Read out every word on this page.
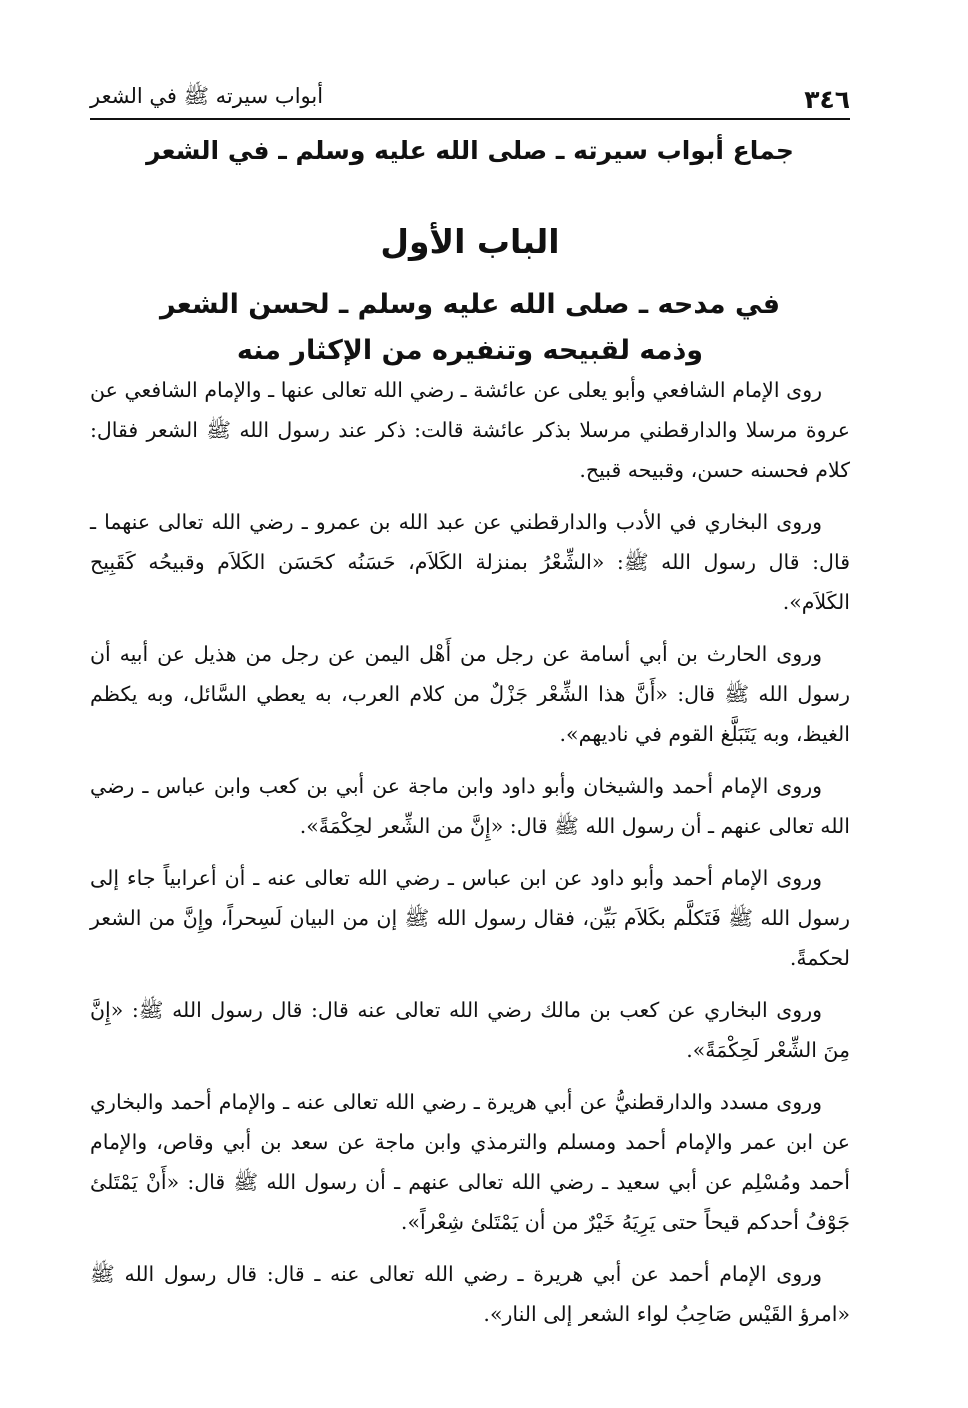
٣٤٦
أبواب سيرته ﷺ في الشعر
جماع أبواب سيرته ـ صلى الله عليه وسلم ـ في الشعر
الباب الأول
في مدحه ـ صلى الله عليه وسلم ـ لحسن الشعر
وذمه لقبيحه وتنفيره من الإكثار منه

روى الإمام الشافعي وأبو يعلى عن عائشة ـ رضي الله تعالى عنها ـ والإمام الشافعي عن عروة مرسلا والدارقطني مرسلا بذكر عائشة قالت: ذكر عند رسول الله ﷺ الشعر فقال: كلام فحسنه حسن، وقبيحه قبيح.

وروى البخاري في الأدب والدارقطني عن عبد الله بن عمرو ـ رضي الله تعالى عنهما ـ قال: قال رسول الله ﷺ: «الشِّعْرُ بمنزلة الكَلاَم، حَسَنُه كحَسَن الكَلاَم وقبيحُه كَقَبِيح الكَلاَم».

وروى الحارث بن أبي أسامة عن رجل من أَهْل اليمن عن رجل من هذيل عن أبيه أن رسول الله ﷺ قال: «أَنَّ هذا الشِّعْر جَزْلٌ من كلام العرب، به يعطي السَّائل، وبه يكظم الغيظ، وبه يَتَبَلَّغ القوم في ناديهم».

وروى الإمام أحمد والشيخان وأبو داود وابن ماجة عن أبي بن كعب وابن عباس ـ رضي الله تعالى عنهم ـ أن رسول الله ﷺ قال: «إِنَّ من الشِّعر لحِكْمَةً».

وروى الإمام أحمد وأبو داود عن ابن عباس ـ رضي الله تعالى عنه ـ أن أعرابياً جاء إلى رسول الله ﷺ فَتَكلَّم بكَلاَم بَيِّن، فقال رسول الله ﷺ إن من البيان لَسِحراً، وإِنَّ من الشعر لحكمةً.

وروى البخاري عن كعب بن مالك رضي الله تعالى عنه قال: قال رسول الله ﷺ: «إِنَّ مِنَ الشِّعْر لَحِكْمَةً».

وروى مسدد والدارقطنيُّ عن أبي هريرة ـ رضي الله تعالى عنه ـ والإمام أحمد والبخاري عن ابن عمر والإمام أحمد ومسلم والترمذي وابن ماجة عن سعد بن أبي وقاص، والإمام أحمد ومُسْلِم عن أبي سعيد ـ رضي الله تعالى عنهم ـ أن رسول الله ﷺ قال: «أَنْ يَمْتَلئ جَوْفُ أحدكم قيحاً حتى يَرِيَهُ خَيْرٌ من أن يَمْتَلئ شِعْراً».

وروى الإمام أحمد عن أبي هريرة ـ رضي الله تعالى عنه ـ قال: قال رسول الله ﷺ «امرؤ القَيْس صَاحِبُ لواء الشعر إلى النار».
